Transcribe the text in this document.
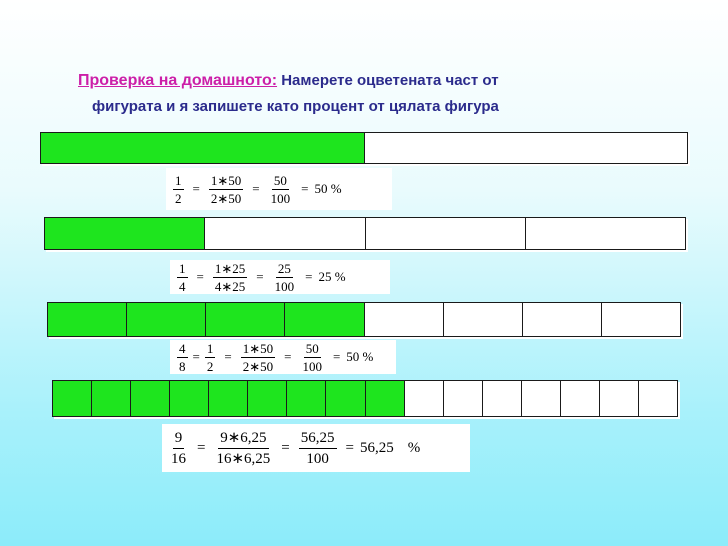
Проверка на домашното: Намерете оцветената част от
фигурата и я запишете като процент от цялата фигура
$\frac{1}{2} = \frac{1∗50}{2∗50} = \frac{50}{100} = 50$ %
$\frac{1}{4} = \frac{1∗25}{4∗25} = \frac{25}{100} = 25$ %
$\frac{4}{8} = \frac{1}{2} = \frac{1∗50}{2∗50} = \frac{50}{100} = 50$ %
$\frac{9}{16} = \frac{9∗6,25}{16∗6,25} = \frac{56,25}{100} = 56,25$ %
